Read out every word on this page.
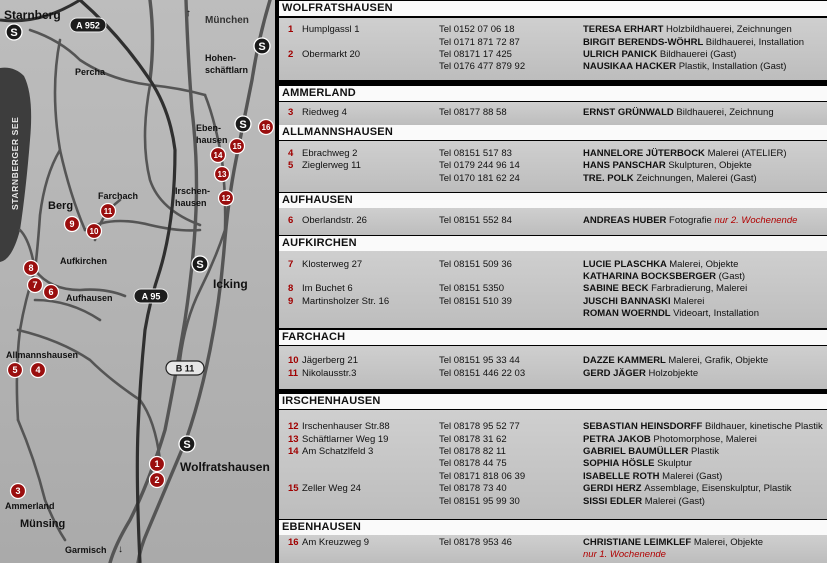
STARNBERGER SEE
Starnberg	München
↑
Hohen-
schäftlarn
Percha
Eben-
hausen
Irschen-
hausen
Farchach
Berg
Aufkirchen
Aufhausen
Icking
Allmannshausen
Wolfratshausen
Ammerland
Münsing
Garmisch ↓
A 952
A 95
B 11
S
S
S
S
S
1
2
3
4
5
6
7
8
9
10
11
12
13
14
15
16
WOLFRATSHAUSEN
1 Humplgassl 1	Tel 0152 07 06 18	TERESA ERHART Holzbildhauerei, Zeichnungen
Tel 0171 871 72 87	BIRGIT BERENDS-WÖHRL Bildhauerei, Installation
2 Obermarkt 20	Tel 08171 17 425	ULRICH PANICK Bildhauerei (Gast)
Tel 0176 477 879 92	NAUSIKAA HACKER Plastik, Installation (Gast)
AMMERLAND
3 Riedweg 4	Tel 08177 88 58	ERNST GRÜNWALD Bildhauerei, Zeichnung
ALLMANNSHAUSEN
4 Ebrachweg 2	Tel 08151 517 83	HANNELORE JÜTERBOCK Malerei (ATELIER)
5 Zieglerweg 11	Tel 0179 244 96 14	HANS PANSCHAR Skulpturen, Objekte
Tel 0170 181 62 24	TRE. POLK Zeichnungen, Malerei (Gast)
AUFHAUSEN
6 Oberlandstr. 26	Tel 08151 552 84	ANDREAS HUBER Fotografie nur 2. Wochenende
AUFKIRCHEN
7 Klosterweg 27	Tel 08151 509 36	LUCIE PLASCHKA Malerei, Objekte
KATHARINA BOCKSBERGER (Gast)
8 Im Buchet 6	Tel 08151 5350	SABINE BECK Farbradierung, Malerei
9 Martinsholzer Str. 16	Tel 08151 510 39	JUSCHI BANNASKI Malerei
ROMAN WOERNDL Videoart, Installation
FARCHACH
10 Jägerberg 21	Tel 08151 95 33 44	DAZZE KAMMERL Malerei, Grafik, Objekte
11 Nikolausstr.3	Tel 08151 446 22 03	GERD JÄGER Holzobjekte
IRSCHENHAUSEN
12 Irschenhauser Str.88	Tel 08178 95 52 77	SEBASTIAN HEINSDORFF Bildhauer, kinetische Plastik
13 Schäftlarner Weg 19	Tel 08178 31 62	PETRA JAKOB Photomorphose, Malerei
14 Am Schatzlfeld 3	Tel 08178 82 11	GABRIEL BAUMÜLLER Plastik
Tel 08178 44 75	SOPHIA HÖSLE Skulptur
Tel 08171 818 06 39	ISABELLE ROTH Malerei (Gast)
15 Zeller Weg 24	Tel 08178 73 40	GERDI HERZ Assemblage, Eisenskulptur, Plastik
Tel 08151 95 99 30	SISSI EDLER Malerei (Gast)
EBENHAUSEN
16 Am Kreuzweg 9	Tel 08178 953 46	CHRISTIANE LEIMKLEF Malerei, Objekte
nur 1. Wochenende
